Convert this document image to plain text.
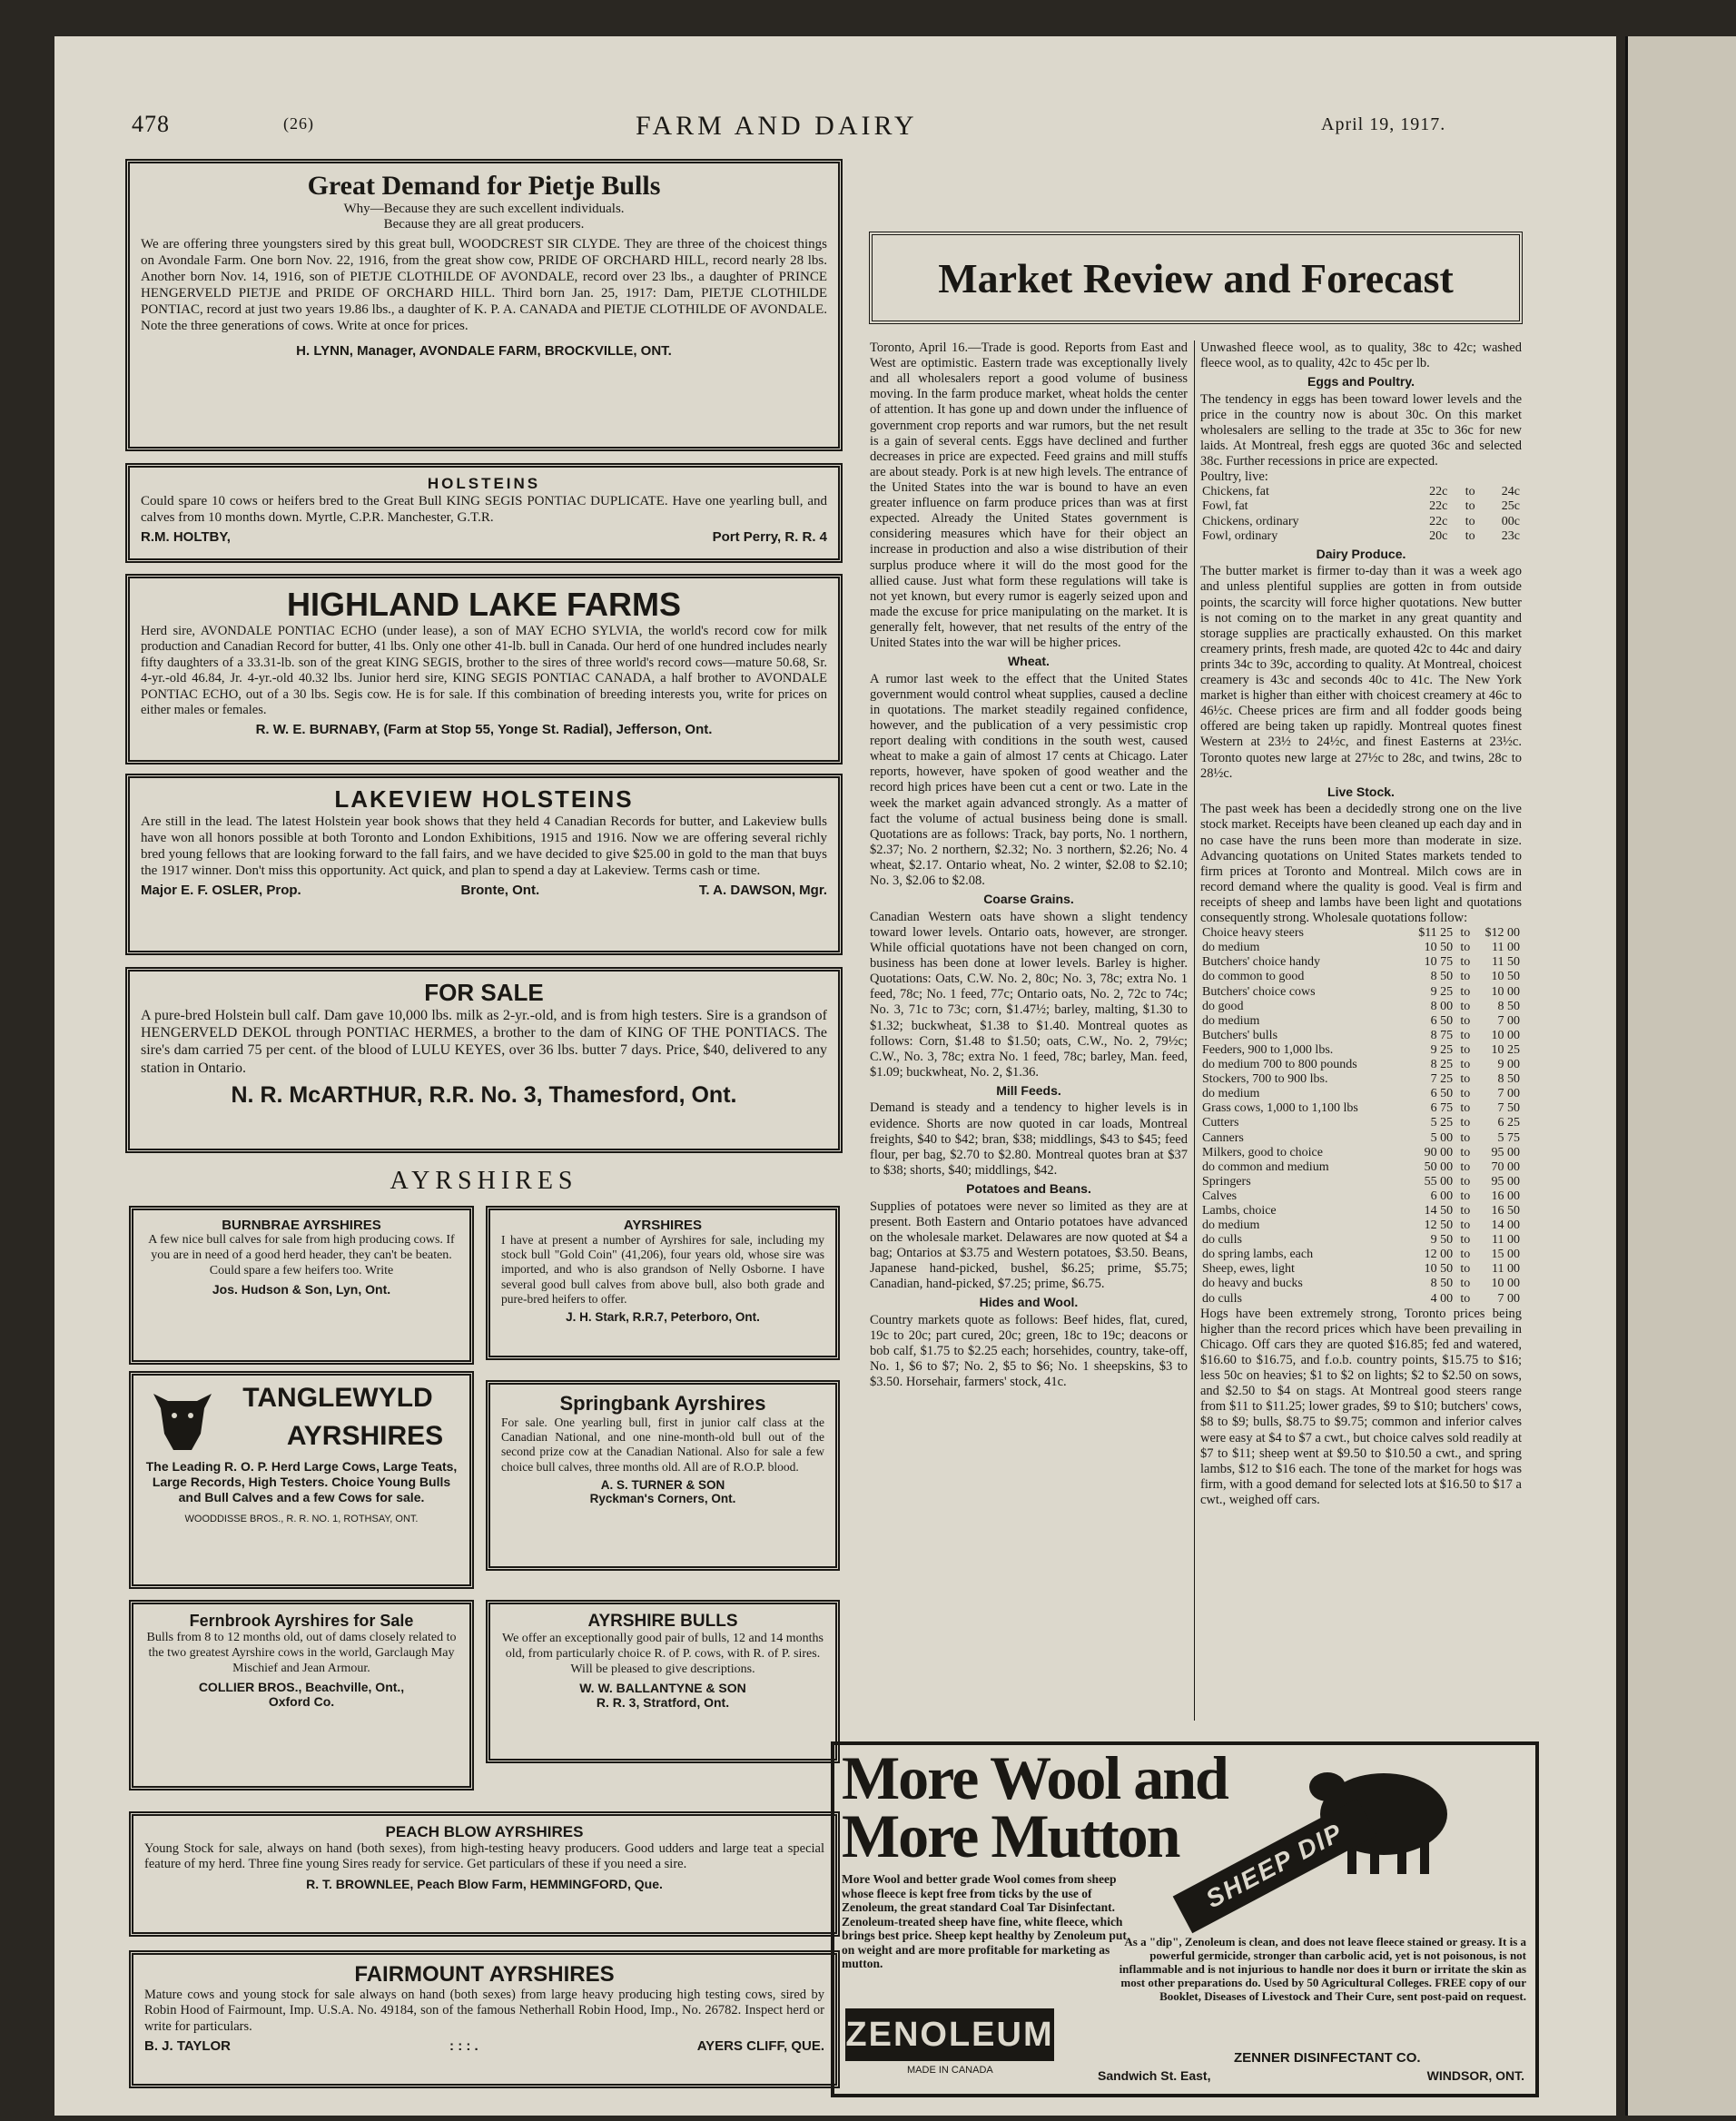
478	(26)	FARM AND DAIRY	April 19, 1917.
Great Demand for Pietje Bulls
Why—Because they are such excellent individuals.
Because they are all great producers.
We are offering three youngsters sired by this great bull, WOODCREST SIR CLYDE. They are three of the choicest things on Avondale Farm. One born Nov. 22, 1916, from the great show cow, PRIDE OF ORCHARD HILL, record nearly 28 lbs. Another born Nov. 14, 1916, son of PIETJE CLOTHILDE OF AVONDALE, record over 23 lbs., a daughter of PRINCE HENGERVELD PIETJE and PRIDE OF ORCHARD HILL. Third born Jan. 25, 1917: Dam, PIETJE CLOTHILDE PONTIAC, record at just two years 19.86 lbs., a daughter of K. P. A. CANADA and PIETJE CLOTHILDE OF AVONDALE. Note the three generations of cows. Write at once for prices.
H. LYNN, Manager, AVONDALE FARM, BROCKVILLE, ONT.
HOLSTEINS
Could spare 10 cows or heifers bred to the Great Bull KING SEGIS PONTIAC DUPLICATE. Have one yearling bull, and calves from 10 months down. Myrtle, C.P.R. Manchester, G.T.R.
R.M. HOLTBY,	Port Perry, R. R. 4
HIGHLAND LAKE FARMS
Herd sire, AVONDALE PONTIAC ECHO (under lease), a son of MAY ECHO SYLVIA, the world's record cow for milk production and Canadian Record for butter, 41 lbs. Only one other 41-lb. bull in Canada. Our herd of one hundred includes nearly fifty daughters of a 33.31-lb. son of the great KING SEGIS, brother to the sires of three world's record cows—mature 50.68, Sr. 4-yr.-old 46.84, Jr. 4-yr.-old 40.32 lbs. Junior herd sire, KING SEGIS PONTIAC CANADA, a half brother to AVONDALE PONTIAC ECHO, out of a 30 lbs. Segis cow. He is for sale. If this combination of breeding interests you, write for prices on either males or females.
R. W. E. BURNABY, (Farm at Stop 55, Yonge St. Radial), Jefferson, Ont.
LAKEVIEW HOLSTEINS
Are still in the lead. The latest Holstein year book shows that they held 4 Canadian Records for butter, and Lakeview bulls have won all honors possible at both Toronto and London Exhibitions, 1915 and 1916. Now we are offering several richly bred young fellows that are looking forward to the fall fairs, and we have decided to give $25.00 in gold to the man that buys the 1917 winner. Don't miss this opportunity. Act quick, and plan to spend a day at Lakeview. Terms cash or time.
Major E. F. OSLER, Prop.	Bronte, Ont.	T. A. DAWSON, Mgr.
FOR SALE
A pure-bred Holstein bull calf. Dam gave 10,000 lbs. milk as 2-yr.-old, and is from high testers. Sire is a grandson of HENGERVELD DEKOL through PONTIAC HERMES, a brother to the dam of KING OF THE PONTIACS. The sire's dam carried 75 per cent. of the blood of LULU KEYES, over 36 lbs. butter 7 days. Price, $40, delivered to any station in Ontario.
N. R. McARTHUR, R.R. No. 3, Thamesford, Ont.
AYRSHIRES
BURNBRAE AYRSHIRES
A few nice bull calves for sale from high producing cows. If you are in need of a good herd header, they can't be beaten. Could spare a few heifers too. Write
Jos. Hudson & Son, Lyn, Ont.
AYRSHIRES
I have at present a number of Ayrshires for sale, including my stock bull "Gold Coin" (41,206), four years old, whose sire was imported, and who is also grandson of Nelly Osborne. I have several good bull calves from above bull, also both grade and pure-bred heifers to offer.
J. H. Stark, R.R.7, Peterboro, Ont.
TANGLEWYLD
AYRSHIRES
The Leading R. O. P. Herd Large Cows, Large Teats, Large Records, High Testers. Choice Young Bulls and Bull Calves and a few Cows for sale.
WOODDISSE BROS., R. R. NO. 1, ROTHSAY, ONT.
Springbank Ayrshires
For sale. One yearling bull, first in junior calf class at the Canadian National, and one nine-month-old bull out of the second prize cow at the Canadian National. Also for sale a few choice bull calves, three months old. All are of R.O.P. blood.
A. S. TURNER & SON
Ryckman's Corners, Ont.
Fernbrook Ayrshires for Sale
Bulls from 8 to 12 months old, out of dams closely related to the two greatest Ayrshire cows in the world, Garclaugh May Mischief and Jean Armour.
COLLIER BROS., Beachville, Ont.,
Oxford Co.
AYRSHIRE BULLS
We offer an exceptionally good pair of bulls, 12 and 14 months old, from particularly choice R. of P. cows, with R. of P. sires. Will be pleased to give descriptions.
W. W. BALLANTYNE & SON
R. R. 3, Stratford, Ont.
PEACH BLOW AYRSHIRES
Young Stock for sale, always on hand (both sexes), from high-testing heavy producers. Good udders and large teat a special feature of my herd. Three fine young Sires ready for service. Get particulars of these if you need a sire.
R. T. BROWNLEE, Peach Blow Farm, HEMMINGFORD, Que.
FAIRMOUNT AYRSHIRES
Mature cows and young stock for sale always on hand (both sexes) from large heavy producing high testing cows, sired by Robin Hood of Fairmount, Imp. U.S.A. No. 49184, son of the famous Netherhall Robin Hood, Imp., No. 26782. Inspect herd or write for particulars.
B. J. TAYLOR	: : : .	AYERS CLIFF, QUE.
Market Review and Forecast
Toronto, April 16.—Trade is good. Reports from East and West are optimistic. Eastern trade was exceptionally lively and all wholesalers report a good volume of business moving. In the farm produce market, wheat holds the center of attention. It has gone up and down under the influence of government crop reports and war rumors, but the net result is a gain of several cents. Eggs have declined and further decreases in price are expected. Feed grains and mill stuffs are about steady. Pork is at new high levels. The entrance of the United States into the war is bound to have an even greater influence on farm produce prices than was at first expected. Already the United States government is considering measures which have for their object an increase in production and also a wise distribution of their surplus produce where it will do the most good for the allied cause. Just what form these regulations will take is not yet known, but every rumor is eagerly seized upon and made the excuse for price manipulating on the market. It is generally felt, however, that net results of the entry of the United States into the war will be higher prices.
Wheat.
A rumor last week to the effect that the United States government would control wheat supplies, caused a decline in quotations. The market steadily regained confidence, however, and the publication of a very pessimistic crop report dealing with conditions in the south west, caused wheat to make a gain of almost 17 cents at Chicago. Later reports, however, have spoken of good weather and the record high prices have been cut a cent or two. Late in the week the market again advanced strongly. As a matter of fact the volume of actual business being done is small. Quotations are as follows: Track, bay ports, No. 1 northern, $2.37; No. 2 northern, $2.32; No. 3 northern, $2.26; No. 4 wheat, $2.17. Ontario wheat, No. 2 winter, $2.08 to $2.10; No. 3, $2.06 to $2.08.
Coarse Grains.
Canadian Western oats have shown a slight tendency toward lower levels. Ontario oats, however, are stronger. While official quotations have not been changed on corn, business has been done at lower levels. Barley is higher. Quotations: Oats, C.W. No. 2, 80c; No. 3, 78c; extra No. 1 feed, 78c; No. 1 feed, 77c; Ontario oats, No. 2, 72c to 74c; No. 3, 71c to 73c; corn, $1.47½; barley, malting, $1.30 to $1.32; buckwheat, $1.38 to $1.40. Montreal quotes as follows: Corn, $1.48 to $1.50; oats, C.W., No. 2, 79½c; C.W., No. 3, 78c; extra No. 1 feed, 78c; barley, Man. feed, $1.09; buckwheat, No. 2, $1.36.
Mill Feeds.
Demand is steady and a tendency to higher levels is in evidence. Shorts are now quoted in car loads, Montreal freights, $40 to $42; bran, $38; middlings, $43 to $45; feed flour, per bag, $2.70 to $2.80. Montreal quotes bran at $37 to $38; shorts, $40; middlings, $42.
Potatoes and Beans.
Supplies of potatoes were never so limited as they are at present. Both Eastern and Ontario potatoes have advanced on the wholesale market. Delawares are now quoted at $4 a bag; Ontarios at $3.75 and Western potatoes, $3.50. Beans, Japanese hand-picked, bushel, $6.25; prime, $5.75; Canadian, hand-picked, $7.25; prime, $6.75.
Hides and Wool.
Country markets quote as follows: Beef hides, flat, cured, 19c to 20c; part cured, 20c; green, 18c to 19c; deacons or bob calf, $1.75 to $2.25 each; horsehides, country, take-off, No. 1, $6 to $7; No. 2, $5 to $6; No. 1 sheepskins, $3 to $3.50. Horsehair, farmers' stock, 41c.
Unwashed fleece wool, as to quality, 38c to 42c; washed fleece wool, as to quality, 42c to 45c per lb.
Eggs and Poultry.
The tendency in eggs has been toward lower levels and the price in the country now is about 30c. On this market wholesalers are selling to the trade at 35c to 36c for new laids. At Montreal, fresh eggs are quoted 36c and selected 38c. Further recessions in price are expected.
Poultry, live:
Chickens, fat	22c	to	24c
Fowl, fat	22c	to	25c
Chickens, ordinary	22c	to	00c
Fowl, ordinary	20c	to	23c
Dairy Produce.
The butter market is firmer to-day than it was a week ago and unless plentiful supplies are gotten in from outside points, the scarcity will force higher quotations. New butter is not coming on to the market in any great quantity and storage supplies are practically exhausted. On this market creamery prints, fresh made, are quoted 42c to 44c and dairy prints 34c to 39c, according to quality. At Montreal, choicest creamery is 43c and seconds 40c to 41c. The New York market is higher than either with choicest creamery at 46c to 46½c. Cheese prices are firm and all fodder goods being offered are being taken up rapidly. Montreal quotes finest Western at 23½ to 24½c, and finest Easterns at 23½c. Toronto quotes new large at 27½c to 28c, and twins, 28c to 28½c.
Live Stock.
The past week has been a decidedly strong one on the live stock market. Receipts have been cleaned up each day and in no case have the runs been more than moderate in size. Advancing quotations on United States markets tended to firm prices at Toronto and Montreal. Milch cows are in record demand where the quality is good. Veal is firm and receipts of sheep and lambs have been light and quotations consequently strong. Wholesale quotations follow:
Choice heavy steers	$11 25	to	$12 00
do medium	10 50	to	11 00
Butchers' choice handy	10 75	to	11 50
do common to good	8 50	to	10 50
Butchers' choice cows	9 25	to	10 00
do good	8 00	to	8 50
do medium	6 50	to	7 00
Butchers' bulls	8 75	to	10 00
Feeders, 900 to 1,000 lbs.	9 25	to	10 25
do medium 700 to 800 pounds	8 25	to	9 00
Stockers, 700 to 900 lbs.	7 25	to	8 50
do medium	6 50	to	7 00
Grass cows, 1,000 to 1,100 lbs	6 75	to	7 50
Cutters	5 25	to	6 25
Canners	5 00	to	5 75
Milkers, good to choice	90 00	to	95 00
do common and medium	50 00	to	70 00
Springers	55 00	to	95 00
Calves	6 00	to	16 00
Lambs, choice	14 50	to	16 50
do medium	12 50	to	14 00
do culls	9 50	to	11 00
do spring lambs, each	12 00	to	15 00
Sheep, ewes, light	10 50	to	11 00
do heavy and bucks	8 50	to	10 00
do culls	4 00	to	7 00
Hogs have been extremely strong, Toronto prices being higher than the record prices which have been prevailing in Chicago. Off cars they are quoted $16.85; fed and watered, $16.60 to $16.75, and f.o.b. country points, $15.75 to $16; less 50c on heavies; $1 to $2 on lights; $2 to $2.50 on sows, and $2.50 to $4 on stags. At Montreal good steers range from $11 to $11.25; lower grades, $9 to $10; butchers' cows, $8 to $9; bulls, $8.75 to $9.75; common and inferior calves were easy at $4 to $7 a cwt., but choice calves sold readily at $7 to $11; sheep went at $9.50 to $10.50 a cwt., and spring lambs, $12 to $16 each. The tone of the market for hogs was firm, with a good demand for selected lots at $16.50 to $17 a cwt., weighed off cars.
More Wool and
More Mutton SHEEP DIP
More Wool and better grade Wool comes from sheep whose fleece is kept free from ticks by the use of Zenoleum, the great standard Coal Tar Disinfectant. Zenoleum-treated sheep have fine, white fleece, which brings best price. Sheep kept healthy by Zenoleum put on weight and are more profitable for marketing as mutton.
ZENOLEUM
MADE IN CANADA
As a "dip", Zenoleum is clean, and does not leave fleece stained or greasy. It is a powerful germicide, stronger than carbolic acid, yet is not poisonous, is not inflammable and is not injurious to handle nor does it burn or irritate the skin as most other preparations do. Used by 50 Agricultural Colleges. FREE copy of our Booklet, Diseases of Livestock and Their Cure, sent post-paid on request.
ZENNER DISINFECTANT CO.
Sandwich St. East,	WINDSOR, ONT.
